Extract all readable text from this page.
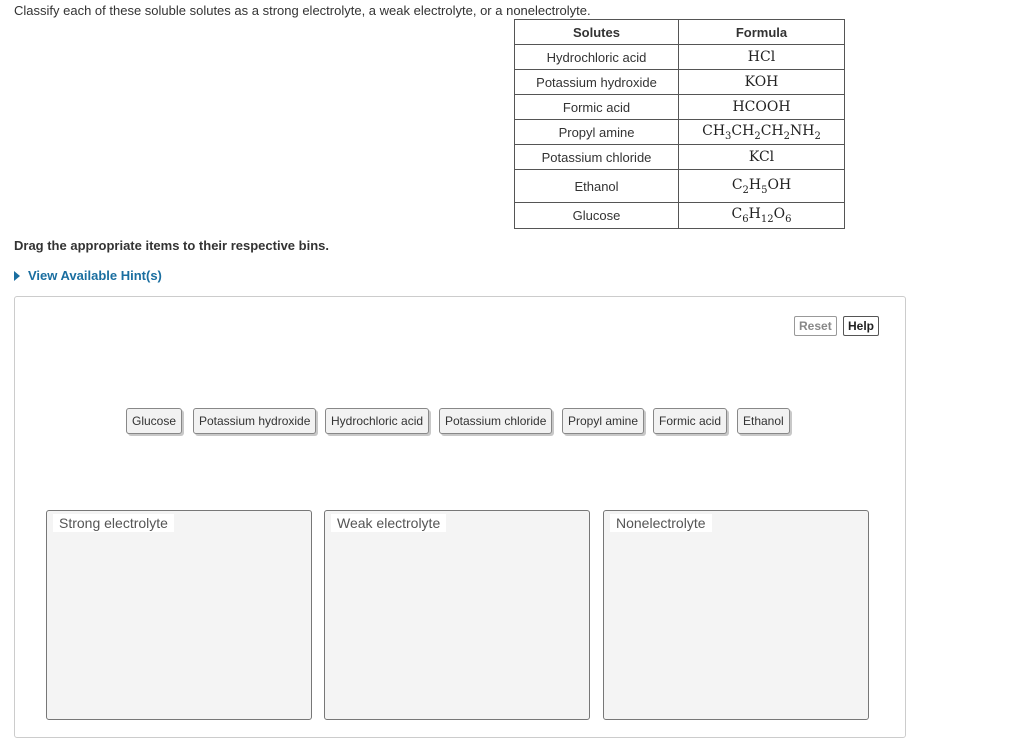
Classify each of these soluble solutes as a strong electrolyte, a weak electrolyte, or a nonelectrolyte.
Solutes	Formula
Hydrochloric acid	HCl
Potassium hydroxide	KOH
Formic acid	HCOOH
Propyl amine	$CH_3CH_2CH_2NH_2$
Potassium chloride	KCl
Ethanol	$C_2H_5OH$
Glucose	$C_6H_{12}O_6$
Drag the appropriate items to their respective bins.
View Available Hint(s)
Reset	Help
Glucose	Potassium hydroxide	Hydrochloric acid	Potassium chloride	Propyl amine	Formic acid	Ethanol
Strong electrolyte	Weak electrolyte	Nonelectrolyte
